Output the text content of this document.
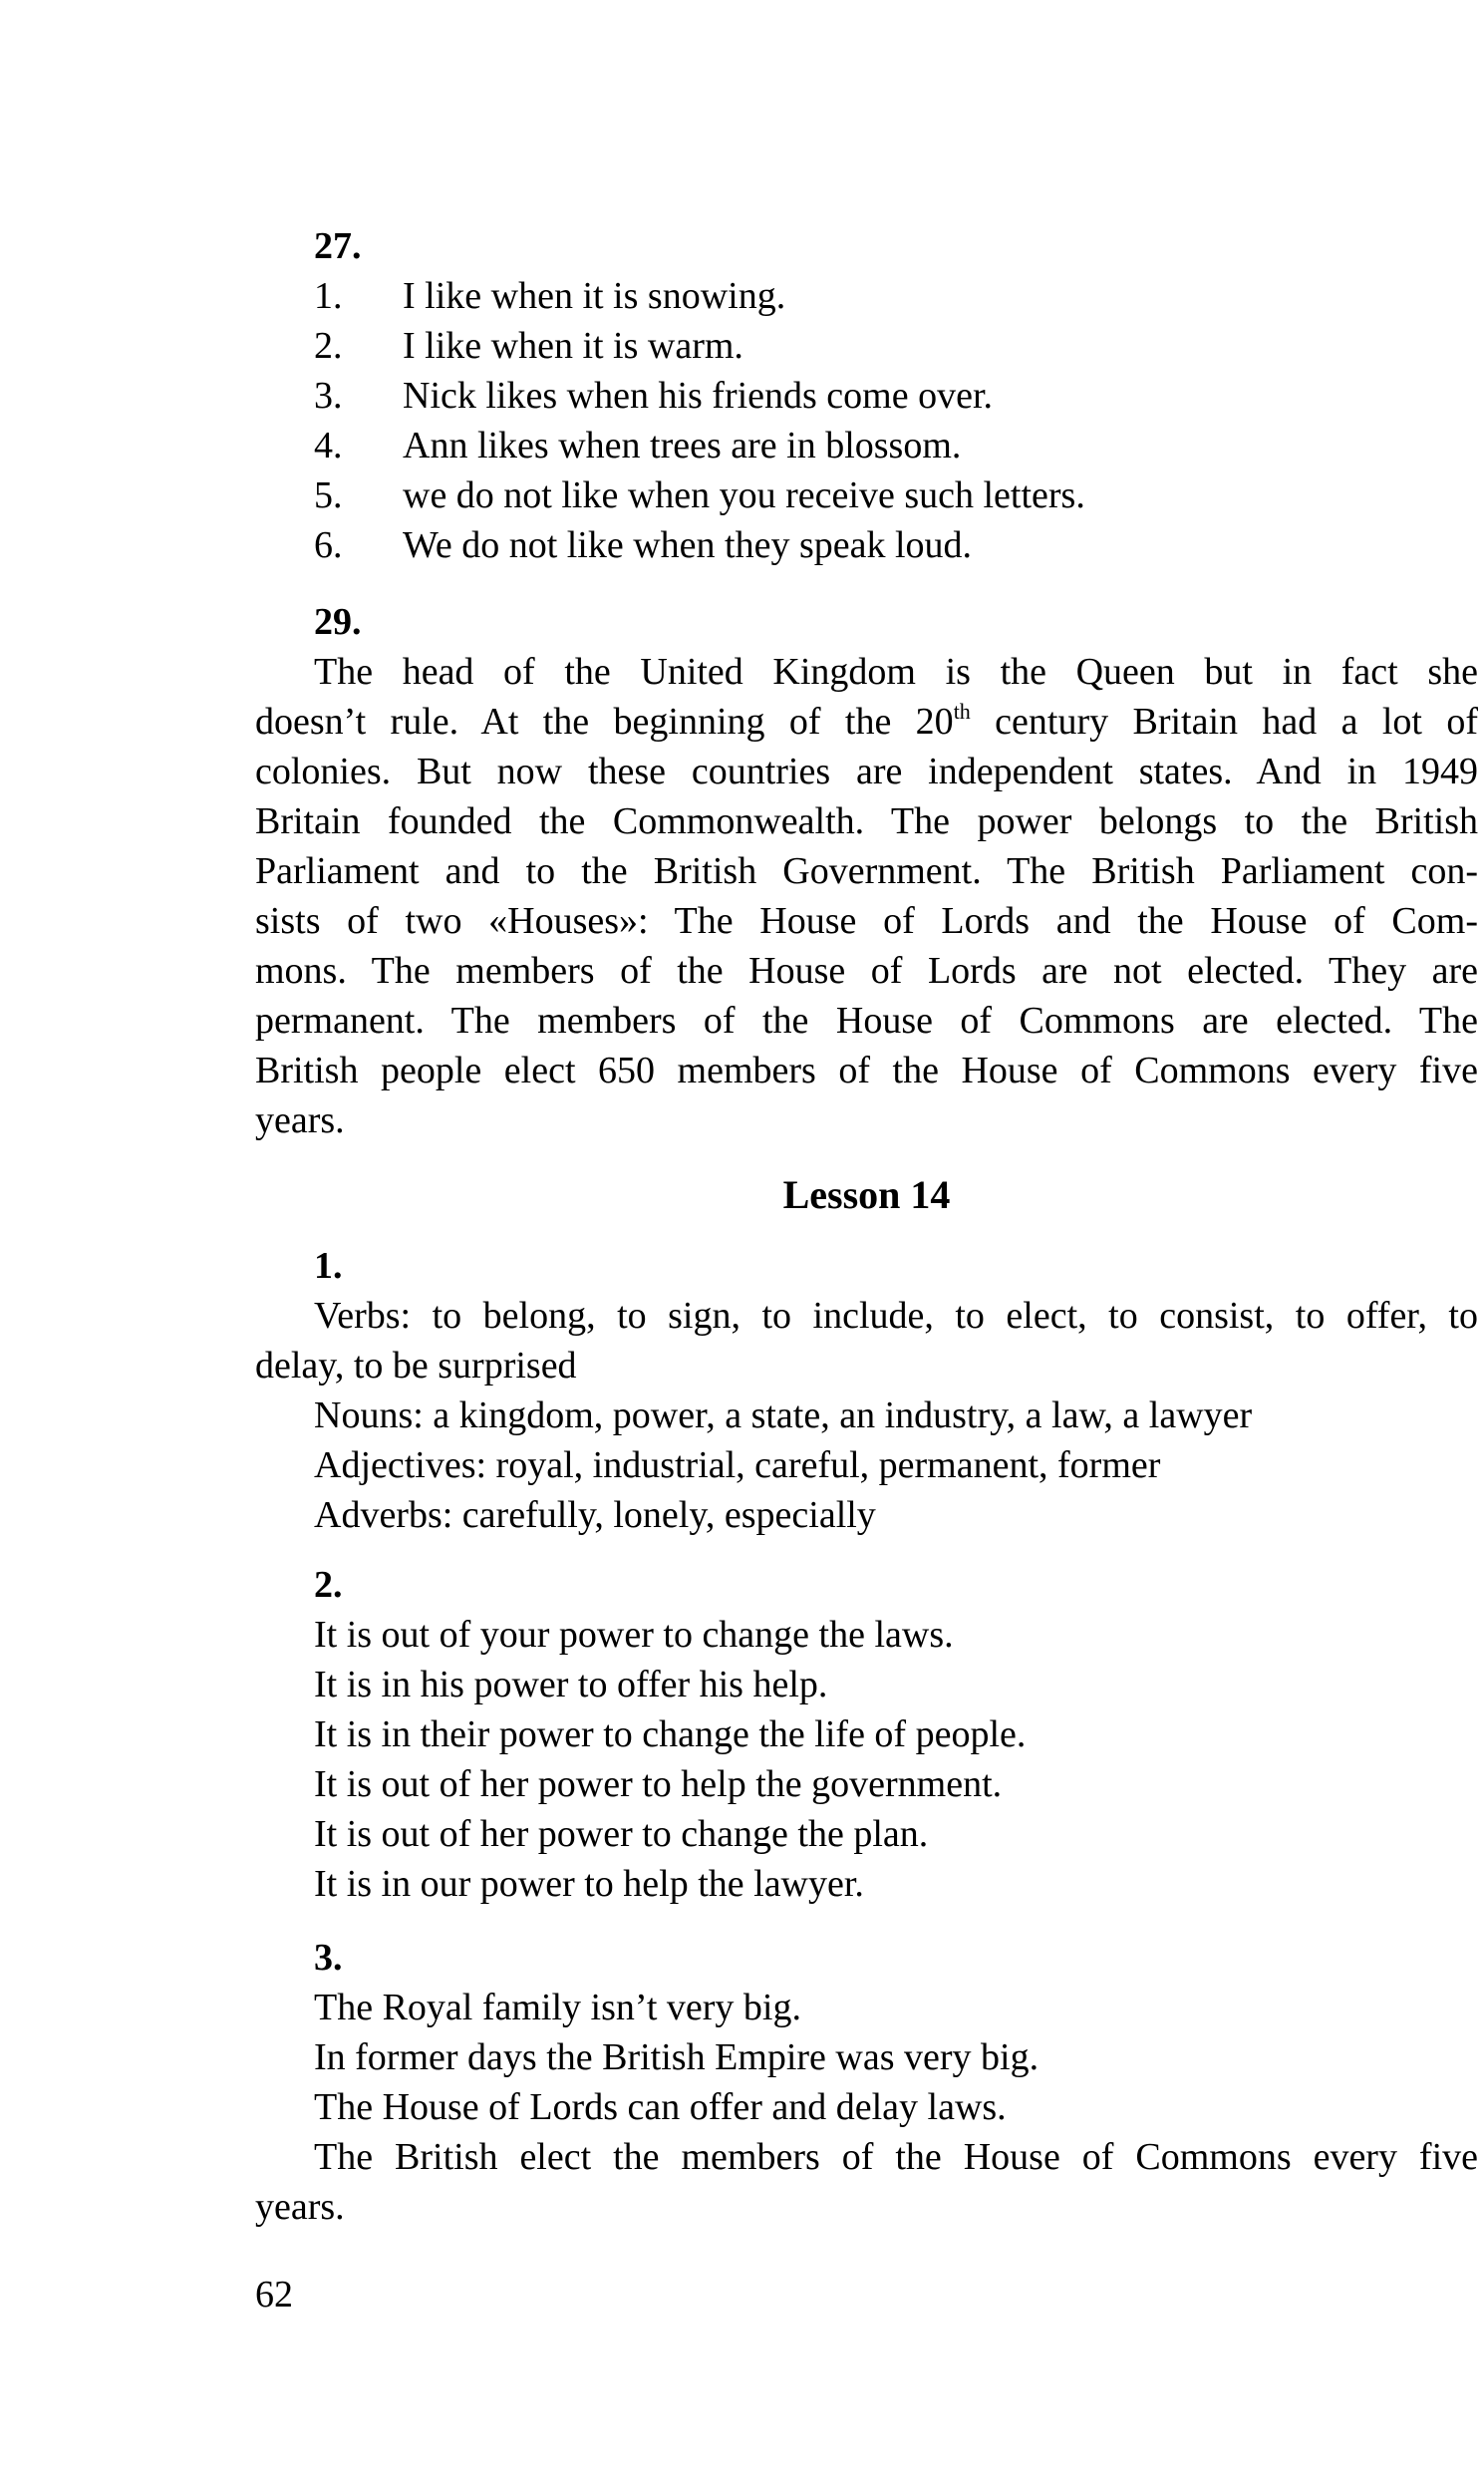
27.
1. I like when it is snowing.
2. I like when it is warm.
3. Nick likes when his friends come over.
4. Ann likes when trees are in blossom.
5. we do not like when you receive such letters.
6. We do not like when they speak loud.
29.
The head of the United Kingdom is the Queen but in fact she
doesn’t rule. At the beginning of the 20th century Britain had a lot of
colonies. But now these countries are independent states. And in 1949
Britain founded the Commonwealth. The power belongs to the British
Parliament and to the British Government. The British Parliament con-
sists of two «Houses»: The House of Lords and the House of Com-
mons. The members of the House of Lords are not elected. They are
permanent. The members of the House of Commons are elected. The
British people elect 650 members of the House of Commons every five
years.
Lesson 14
1.
Verbs: to belong, to sign, to include, to elect, to consist, to offer, to
delay, to be surprised
Nouns: a kingdom, power, a state, an industry, a law, a lawyer
Adjectives: royal, industrial, careful, permanent, former
Adverbs: carefully, lonely, especially
2.
It is out of your power to change the laws.
It is in his power to offer his help.
It is in their power to change the life of people.
It is out of her power to help the government.
It is out of her power to change the plan.
It is in our power to help the lawyer.
3.
The Royal family isn’t very big.
In former days the British Empire was very big.
The House of Lords can offer and delay laws.
The British elect the members of the House of Commons every five
years.
62
